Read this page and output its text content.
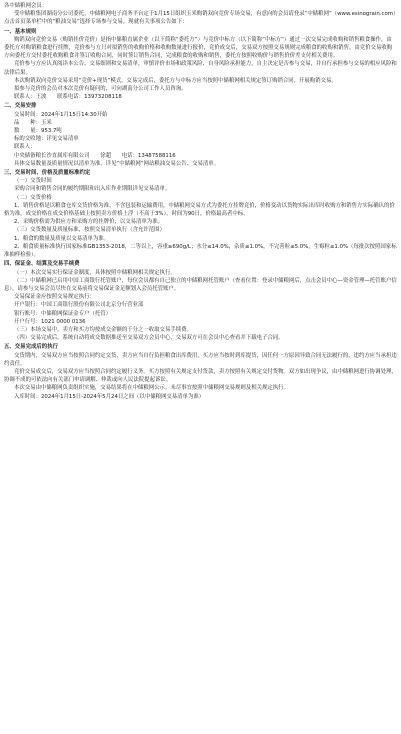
各中储粮网会员：

受中储粮集团湖南分公司委托，中储粮网电子商务平台定于1月15日组织玉米购销双向竞价专场交易，有意向的会员请登录“中储粮网”（www.esinograin.com）点击首页菜单栏中的“粮油交易”选择专场参与交易。现就有关事项公告如下：

一、基本规则

购销双向竞价交易（购销挂价竞价）是指中储粮直属企业（以下简称“委托方”）与竞价中标方（以下简称“中标方”）通过一次交易完成收购和销售粮食操作，由委托方对购销粮食进行挂牌，竞价参与方只对拟销售的收购价格和收购数量进行报价，竞价成交后，交易双方按照交易规则完成粮食的收购和销售。由竞价交易收购方向委托方交付委托收购粮食并签订收购合同，同时签订销售合同，完成粮食的收购和销售，委托方按照收购价与销售价价差支付相关费用。

竞价参与方应认真阅读本公告、交易细则和交易清单，审慎评价市场和政策风险、自身风险承担能力，自主决定是否参与交易，并自行承担参与交易的相应风险和法律后果。

本次购销双向竞价交易采用“竞价+现货”模式，交易完成后，委托方与中标方应当按照中储粮网相关规定签订购销合同，开展购销交易。

拟参与竞价的会员对本次竞价有疑问的，可向湖南分公司工作人员咨询。

联系人：王波　　联系电话：13973208118

二、交易安排

交易时间：2024年1月15日14:30开始

品　　种：玉米

数　　量：953.7吨

标的交收地：详见交易清单

联系人：

中央储备粮长沙直属库有限公司　　徐超　　电话：13487588116

具体交易数量及质量情况以清单为准，详见“中储粮网”网站粮油交易公告、交易清单。

三、交易时间、价格及质量标准约定

（一）交货时间

采购合同和销售合同的履约期限和出入库作业期限详见交易清单。

（二）交货价格

1、销售价格是以粮食仓库交货价格为准，不含包装和运输费用，中储粮网交易方式为委托方挂牌竞价，价格变动以货物实际出库时收购方和销售方实际确认的价格为准，成交价格在成交价格基础上按照卖方价格上浮（不高于3%），时间为90日，价格最高者中标。

2、采购价格需为供应方和采购方的挂牌价，以交易清单为准。

（三）交货数量及质量标准，按照交易清单执行（含允许范围）

1、粮食的数量及质量以交易清单为准。

2、粮食质量标准执行国家标准GB1353-2018，二等以上，容重≥690g/L；水分≤14.0%，杂质≤1.0%，不完善粒≤5.0%，生霉粒≤1.0%（每批次按照国家标准抽样检验）。

四、保证金、结算及交易手续费

（一）本次交易实行保证金制度，具体按照中储粮网相关规定执行。

（二）中储粮网已启用中国工商银行托管账户，每位会员都有自己独立的中储粮网托管账户（查看位置：登录中储粮网后，点击会员中心—资金管理—托管账户信息），请参与交易会员尽快在交易前将交易保证金足额划入会员托管账户。

交易保证金应按照交易规定执行：

开户银行：中国工商银行股份有限公司北京分行营业部

银行账号：中储粮网保证金专户（托管）

开户行号：1021 0000 0136

（三）本场交易中，卖方和买方均按成交金额的千分之一收取交易手续费。

（四）交易完成后，系统自动将成交数据推送至交易双方会员中心，交易双方可在会员中心查看并下载电子合同。

五、交易完成后的执行

交货期内，交易双方应当按照合同约定交货，卖方应当自行负担粮食出库费用，买方应当按时到库提货，因任何一方原因导致合同无法履行的，违约方应当承担违约责任。

竞价交易成交后，交易双方应当按照合同约定履行义务。买方按照有关规定支付货款，卖方按照有关规定交付货物。双方如出现争议，由中储粮网进行协调处理，协调不成的可依法向有关部门申请调解、仲裁或向人民法院提起诉讼。

本次交易由中储粮网负责组织实施，交易结果将在中储粮网公示。未尽事宜按照中储粮网交易规则及相关规定执行。

入库时间：2024年1月15日-2024年5月24日之间（以中储粮网交易清单为准）
